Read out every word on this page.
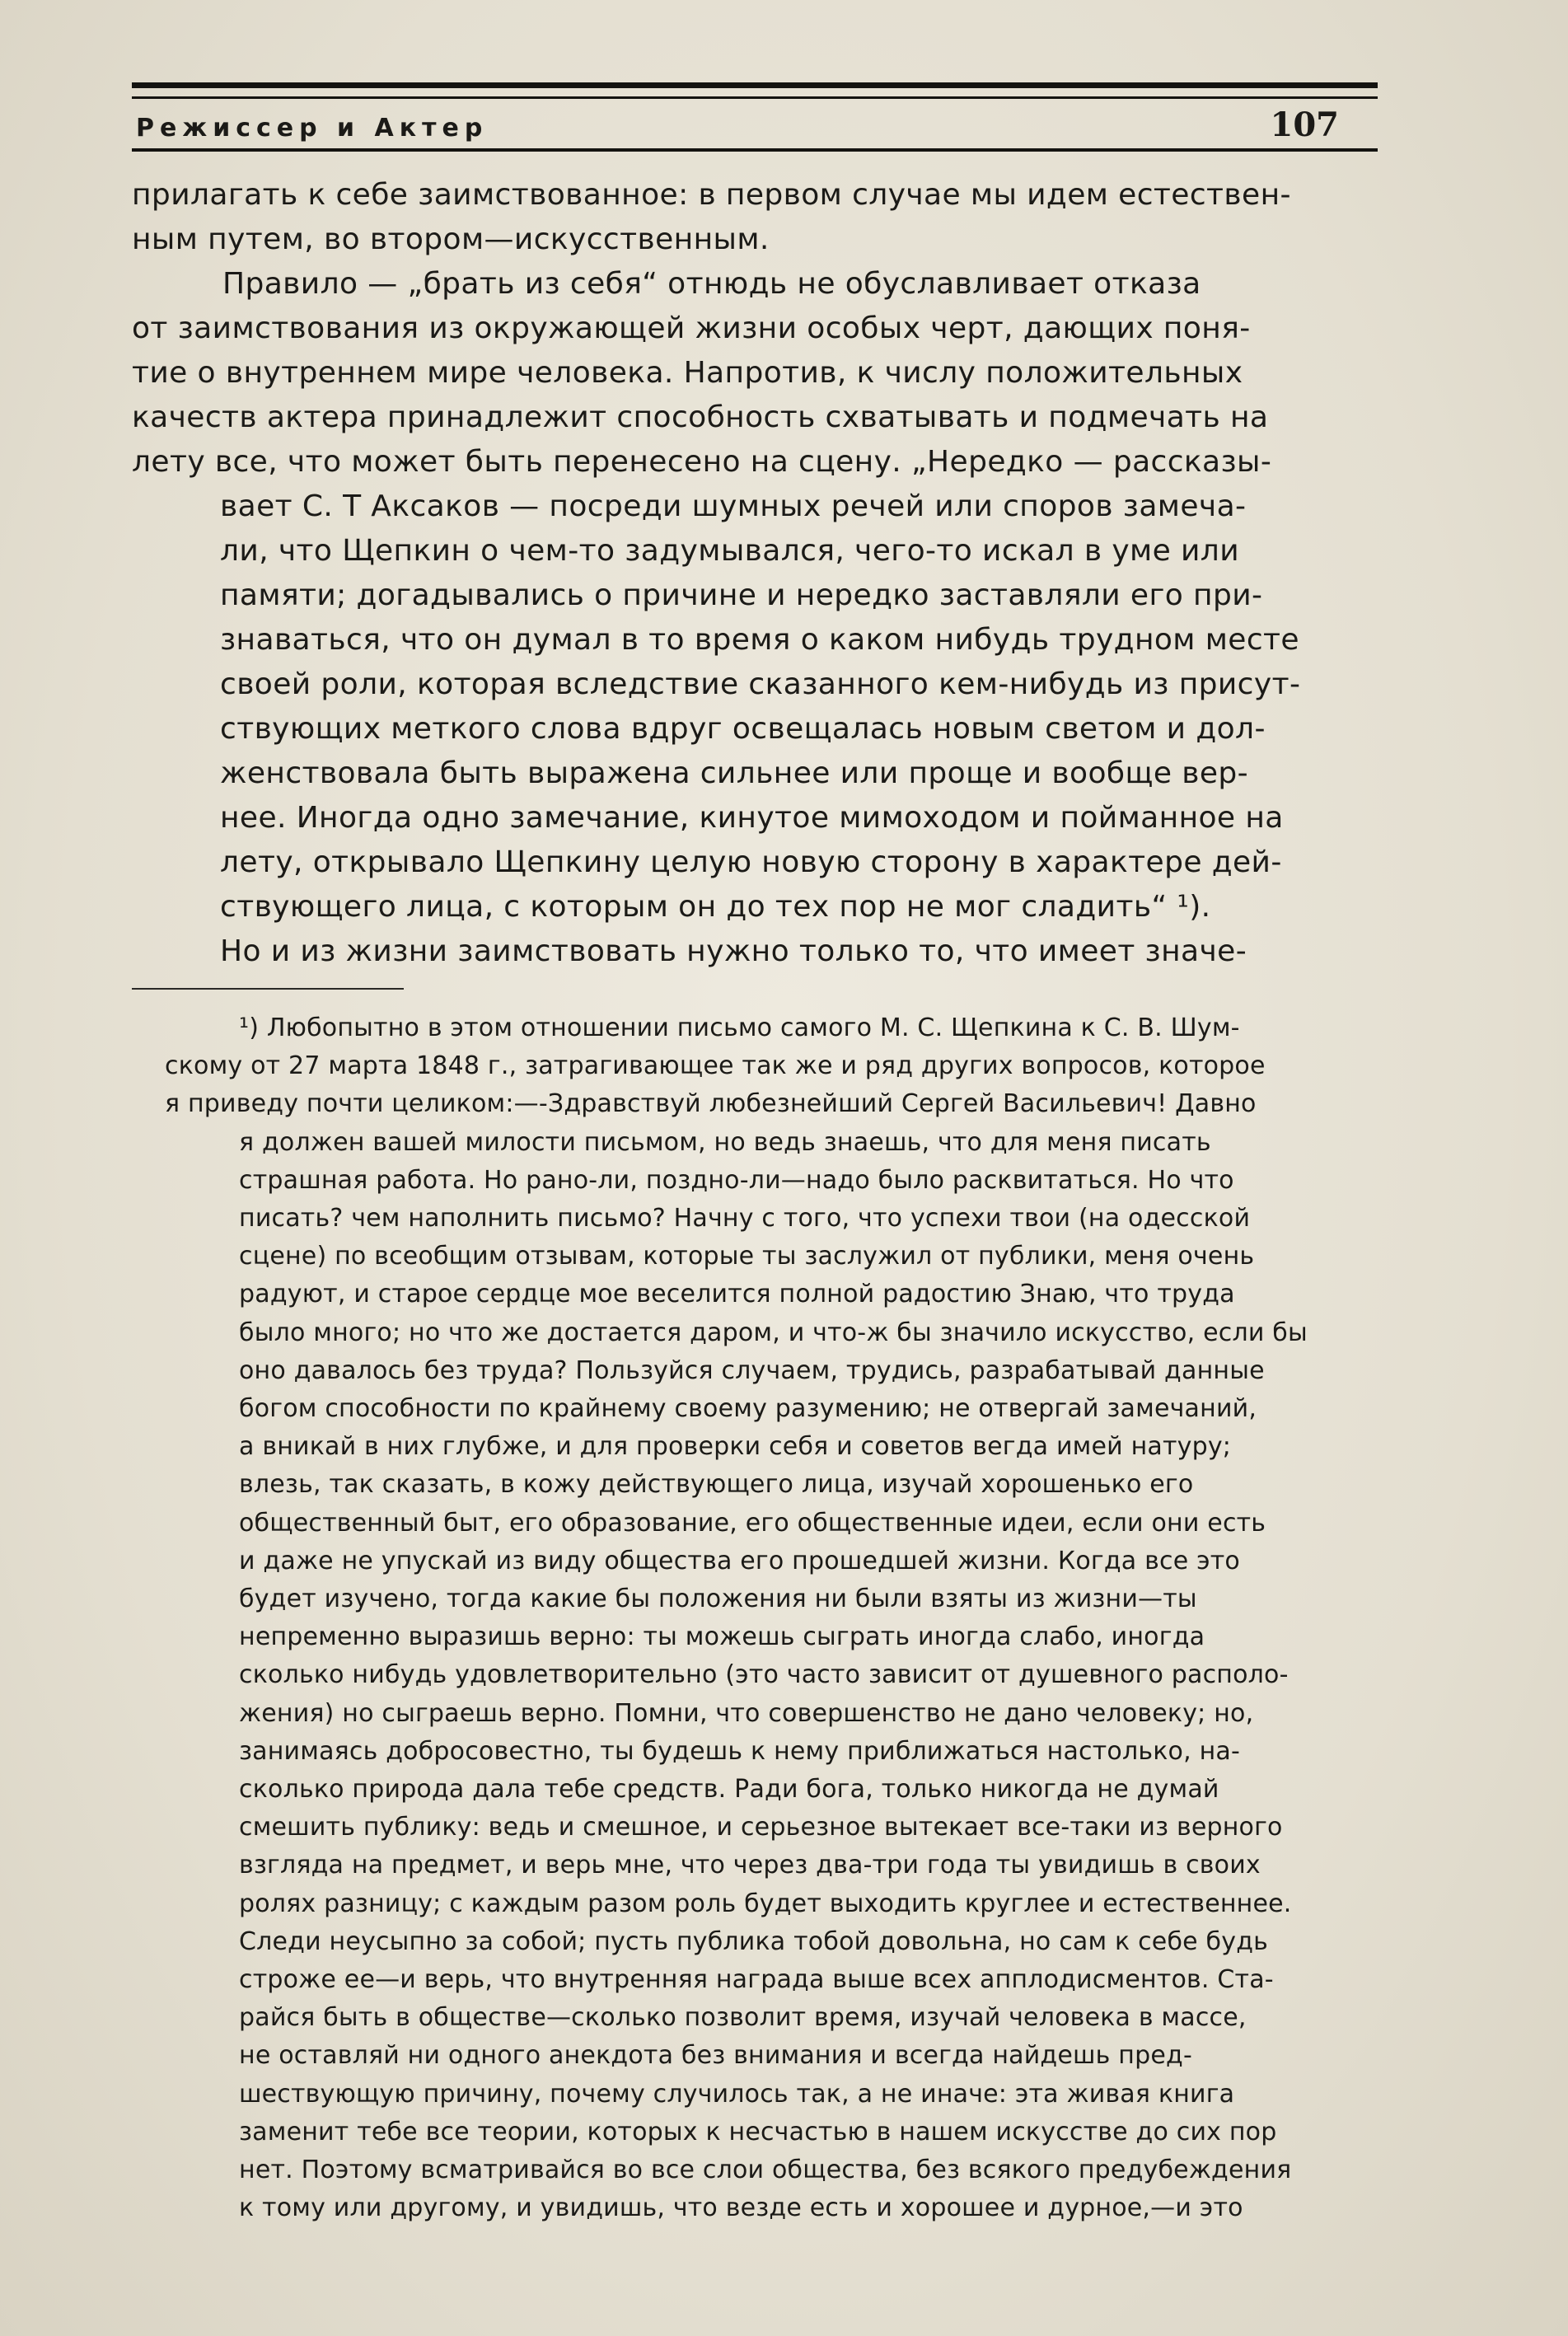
Режиссер и Актер	107
прилагать к себе заимствованное: в первом случае мы идем естествен-
ным путем, во втором—искусственным.
Правило — „брать из себя“ отнюдь не обуславливает отказа
от заимствования из окружающей жизни особых черт, дающих поня-
тие о внутреннем мире человека. Напротив, к числу положительных
качеств актера принадлежит способность схватывать и подмечать на
лету все, что может быть перенесено на сцену. „Нередко — рассказы-
вает С. Т Аксаков — посреди шумных речей или споров замеча-
ли, что Щепкин о чем-то задумывался, чего-то искал в уме или
памяти; догадывались о причине и нередко заставляли его при-
знаваться, что он думал в то время о каком нибудь трудном месте
своей роли, которая вследствие сказанного кем-нибудь из присут-
ствующих меткого слова вдруг освещалась новым светом и дол-
женствовала быть выражена сильнее или проще и вообще вер-
нее. Иногда одно замечание, кинутое мимоходом и пойманное на
лету, открывало Щепкину целую новую сторону в характере дей-
ствующего лица, с которым он до тех пор не мог сладить“ ¹).
Но и из жизни заимствовать нужно только то, что имеет значе-
¹) Любопытно в этом отношении письмо самого М. С. Щепкина к С. В. Шум-
скому от 27 марта 1848 г., затрагивающее так же и ряд других вопросов, которое
я приведу почти целиком:—-Здравствуй любезнейший Сергей Васильевич! Давно
я должен вашей милости письмом, но ведь знаешь, что для меня писать
страшная работа. Но рано-ли, поздно-ли—надо было расквитаться. Но что
писать? чем наполнить письмо? Начну с того, что успехи твои (на одесской
сцене) по всеобщим отзывам, которые ты заслужил от публики, меня очень
радуют, и старое сердце мое веселится полной радостию Знаю, что труда
было много; но что же достается даром, и что-ж бы значило искусство, если бы
оно давалось без труда? Пользуйся случаем, трудись, разрабатывай данные
богом способности по крайнему своему разумению; не отвергай замечаний,
а вникай в них глубже, и для проверки себя и советов вегда имей натуру;
влезь, так сказать, в кожу действующего лица, изучай хорошенько его
общественный быт, его образование, его общественные идеи, если они есть
и даже не упускай из виду общества его прошедшей жизни. Когда все это
будет изучено, тогда какие бы положения ни были взяты из жизни—ты
непременно выразишь верно: ты можешь сыграть иногда слабо, иногда
сколько нибудь удовлетворительно (это часто зависит от душевного располо-
жения) но сыграешь верно. Помни, что совершенство не дано человеку; но,
занимаясь добросовестно, ты будешь к нему приближаться настолько, на-
сколько природа дала тебе средств. Ради бога, только никогда не думай
смешить публику: ведь и смешное, и серьезное вытекает все-таки из верного
взгляда на предмет, и верь мне, что через два-три года ты увидишь в своих
ролях разницу; с каждым разом роль будет выходить круглее и естественнее.
Следи неусыпно за собой; пусть публика тобой довольна, но сам к себе будь
строже ее—и верь, что внутренняя награда выше всех апплодисментов. Ста-
райся быть в обществе—сколько позволит время, изучай человека в массе,
не оставляй ни одного анекдота без внимания и всегда найдешь пред-
шествующую причину, почему случилось так, а не иначе: эта живая книга
заменит тебе все теории, которых к несчастью в нашем искусстве до сих пор
нет. Поэтому всматривайся во все слои общества, без всякого предубеждения
к тому или другому, и увидишь, что везде есть и хорошее и дурное,—и это
